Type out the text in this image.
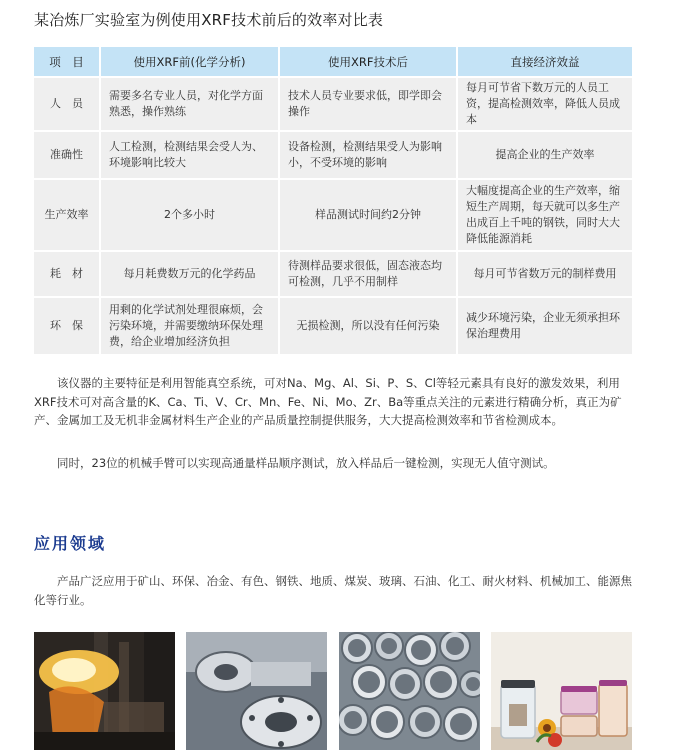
某冶炼厂实验室为例使用XRF技术前后的效率对比表
项　目	使用XRF前(化学分析)	使用XRF技术后	直接经济效益
人　员	需要多名专业人员，对化学方面熟悉，操作熟练	技术人员专业要求低，即学即会操作	每月可节省下数万元的人员工资，提高检测效率，降低人员成本
准确性	人工检测，检测结果会受人为、环境影响比较大	设备检测，检测结果受人为影响小，不受环境的影响	提高企业的生产效率
生产效率	2个多小时	样品测试时间约2分钟	大幅度提高企业的生产效率，缩短生产周期，每天就可以多生产出成百上千吨的钢铁，同时大大降低能源消耗
耗　材	每月耗费数万元的化学药品	待测样品要求很低，固态液态均可检测，几乎不用制样	每月可节省数万元的制样费用
环　保	用剩的化学试剂处理很麻烦，会污染环境，并需要缴纳环保处理费，给企业增加经济负担	无损检测，所以没有任何污染	减少环境污染，企业无须承担环保治理费用

该仪器的主要特征是利用智能真空系统，可对Na、Mg、Al、Si、P、S、Cl等轻元素具有良好的激发效果，利用XRF技术可对高含量的K、Ca、Ti、V、Cr、Mn、Fe、Ni、Mo、Zr、Ba等重点关注的元素进行精确分析，真正为矿产、金属加工及无机非金属材料生产企业的产品质量控制提供服务，大大提高检测效率和节省检测成本。

同时，23位的机械手臂可以实现高通量样品顺序测试，放入样品后一键检测，实现无人值守测试。

应用领域

产品广泛应用于矿山、环保、冶金、有色、钢铁、地质、煤炭、玻璃、石油、化工、耐火材料、机械加工、能源焦化等行业。
